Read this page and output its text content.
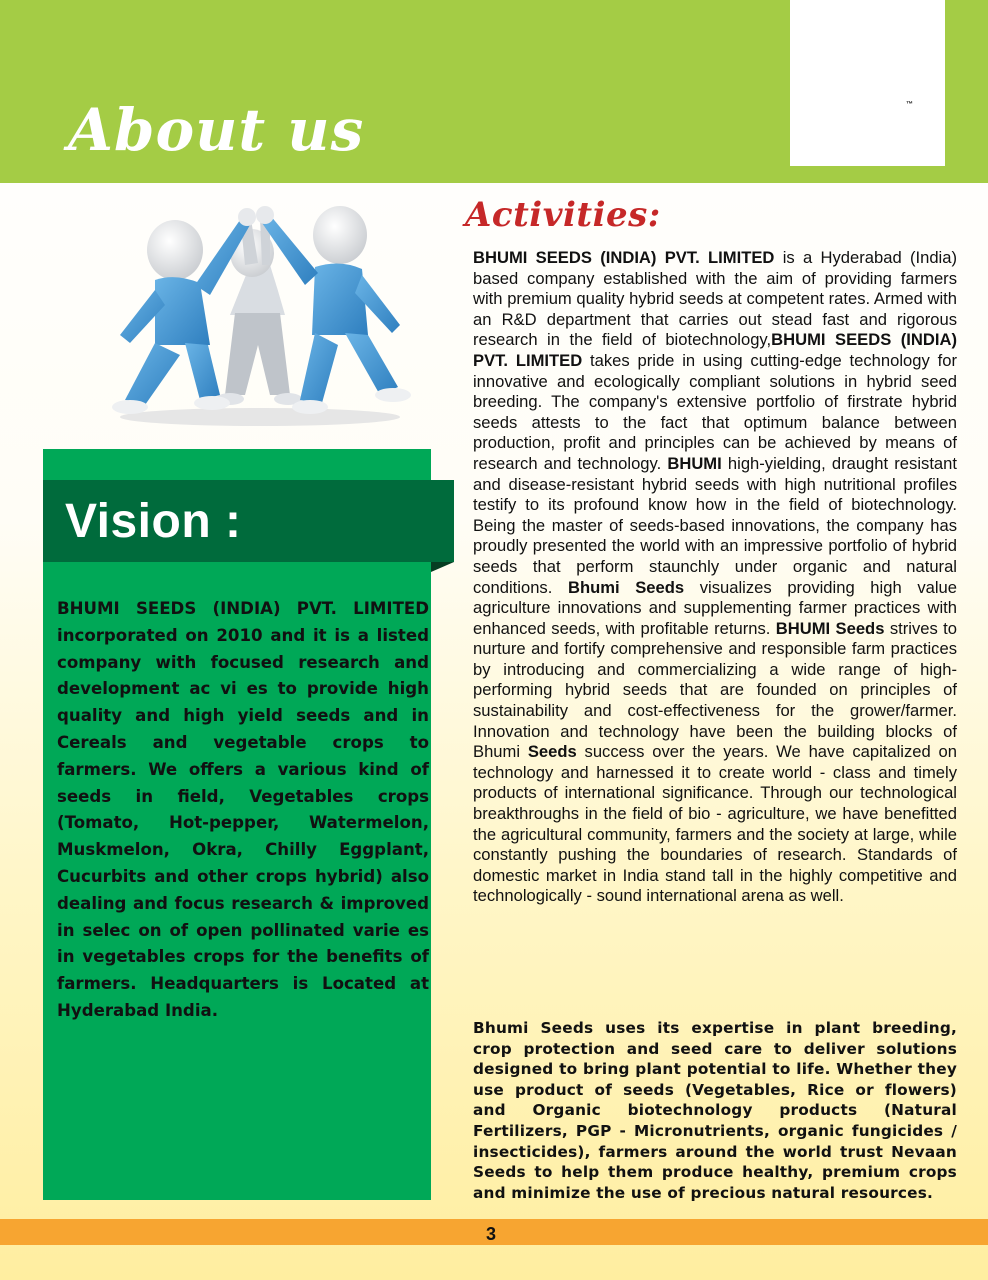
About us	™
Activities:
Vision :

BHUMI SEEDS (INDIA) PVT. LIMITED incorporated on 2010 and it is a listed company with focused research and development ac vi es to provide high quality and high yield seeds and in Cereals and vegetable crops to farmers. We offers a various kind of seeds in field, Vegetables crops (Tomato, Hot-pepper, Watermelon, Muskmelon, Okra, Chilly Eggplant, Cucurbits and other crops hybrid) also dealing and focus research & improved in selec on of open pollinated varie es in vegetables crops for the benefits of farmers. Headquarters is Located at Hyderabad India.

BHUMI SEEDS (INDIA) PVT. LIMITED is a Hyderabad (India) based company established with the aim of providing farmers with premium quality hybrid seeds at competent rates. Armed with an R&D department that carries out stead fast and rigorous research in the field of biotechnology,BHUMI SEEDS (INDIA) PVT. LIMITED takes pride in using cutting-edge technology for innovative and ecologically compliant solutions in hybrid seed breeding. The company's extensive portfolio of firstrate hybrid seeds attests to the fact that optimum balance between production, profit and principles can be achieved by means of research and technology. BHUMI high-yielding, draught resistant and disease-resistant hybrid seeds with high nutritional profiles testify to its profound know how in the field of biotechnology. Being the master of seeds-based innovations, the company has proudly presented the world with an impressive portfolio of hybrid seeds that perform staunchly under organic and natural conditions. Bhumi Seeds visualizes providing high value agriculture innovations and supplementing farmer practices with enhanced seeds, with profitable returns. BHUMI Seeds strives to nurture and fortify comprehensive and responsible farm practices by introducing and commercializing a wide range of high- performing hybrid seeds that are founded on principles of sustainability and cost-effectiveness for the grower/farmer. Innovation and technology have been the building blocks of Bhumi Seeds success over the years. We have capitalized on technology and harnessed it to create world - class and timely products of international significance. Through our technological breakthroughs in the field of bio - agriculture, we have benefitted the agricultural community, farmers and the society at large, while constantly pushing the boundaries of research. Standards of domestic market in India stand tall in the highly competitive and technologically - sound international arena as well.

Bhumi Seeds uses its expertise in plant breeding, crop protection and seed care to deliver solutions designed to bring plant potential to life. Whether they use product of seeds (Vegetables, Rice or flowers) and Organic biotechnology products (Natural Fertilizers, PGP - Micronutrients, organic fungicides / insecticides), farmers around the world trust Nevaan Seeds to help them produce healthy, premium crops and minimize the use of precious natural resources.

3
